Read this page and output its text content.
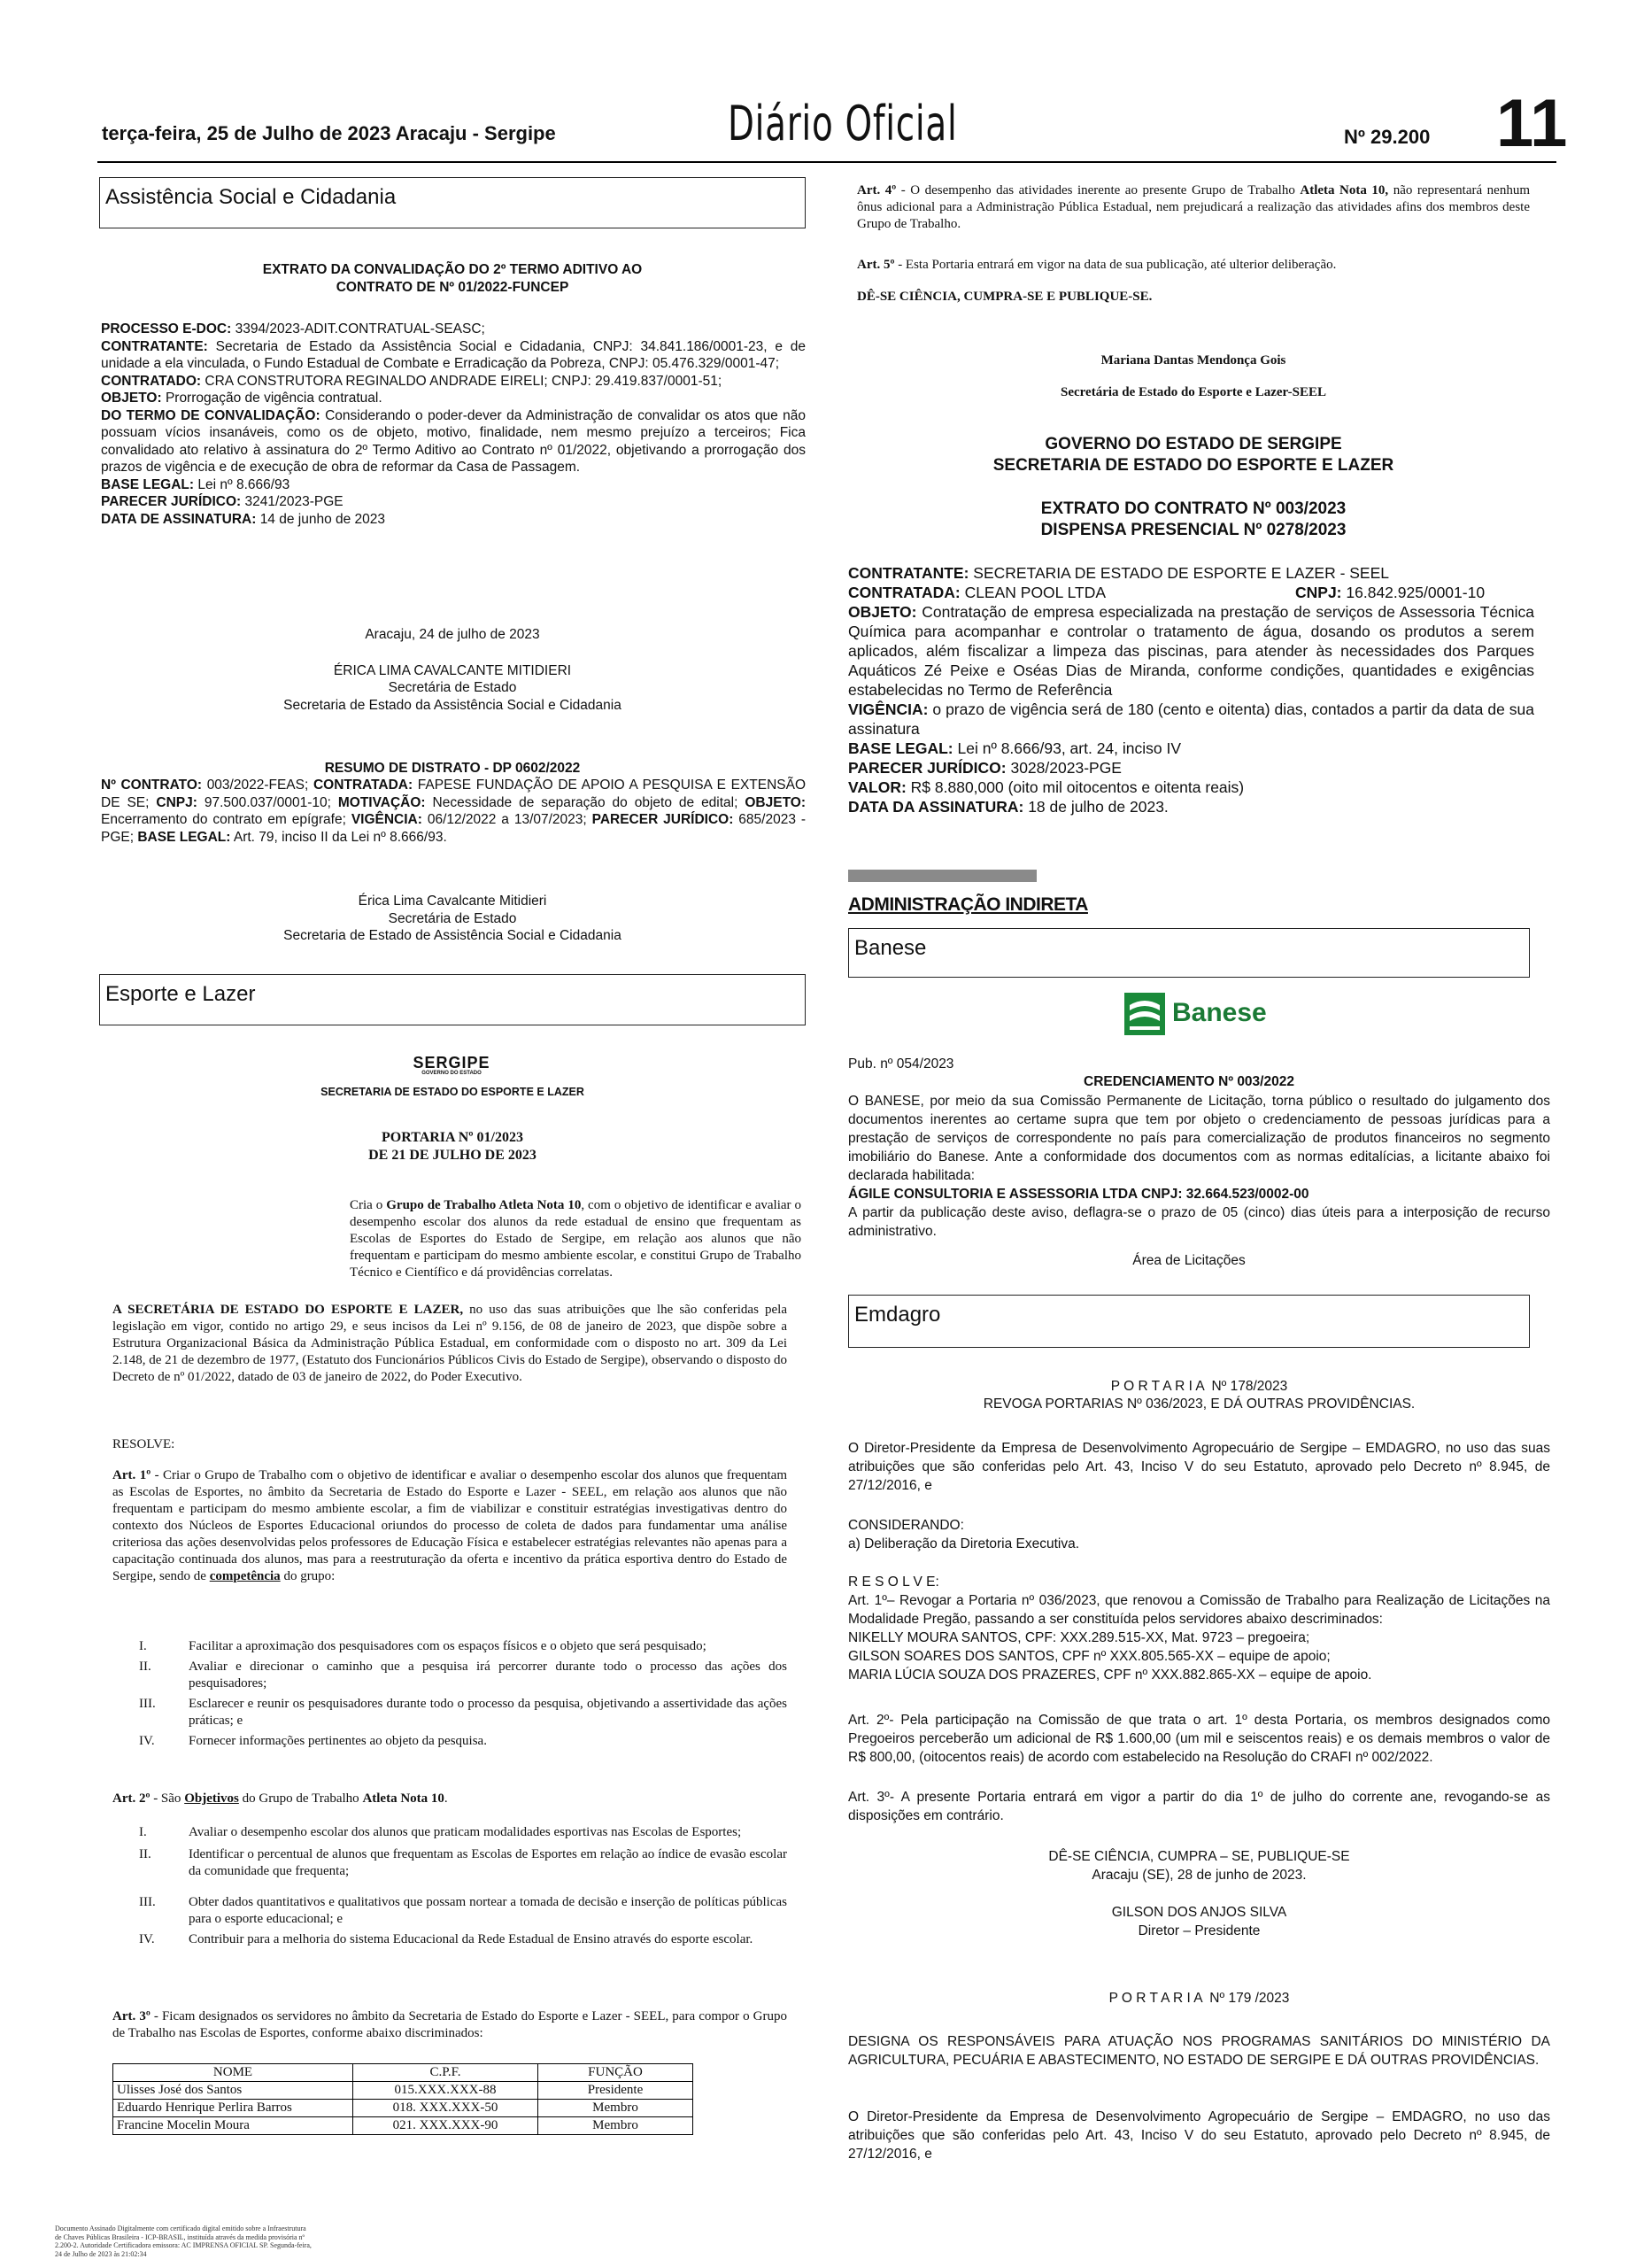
terça-feira, 25 de Julho de 2023 Aracaju - Sergipe	Diário Oficial	Nº 29.200 11
Assistência Social e Cidadania
EXTRATO DA CONVALIDAÇÃO DO 2º TERMO ADITIVO AO
CONTRATO DE Nº 01/2022-FUNCEP
PROCESSO E-DOC: 3394/2023-ADIT.CONTRATUAL-SEASC;
CONTRATANTE: Secretaria de Estado da Assistência Social e Cidadania, CNPJ: 34.841.186/0001-23, e de unidade a ela vinculada, o Fundo Estadual de Combate e Erradicação da Pobreza, CNPJ: 05.476.329/0001-47;
CONTRATADO: CRA CONSTRUTORA REGINALDO ANDRADE EIRELI; CNPJ: 29.419.837/0001-51;
OBJETO: Prorrogação de vigência contratual.
DO TERMO DE CONVALIDAÇÃO: Considerando o poder-dever da Administração de convalidar os atos que não possuam vícios insanáveis, como os de objeto, motivo, finalidade, nem mesmo prejuízo a terceiros; Fica convalidado ato relativo à assinatura do 2º Termo Aditivo ao Contrato nº 01/2022, objetivando a prorrogação dos prazos de vigência e de execução de obra de reformar da Casa de Passagem.
BASE LEGAL: Lei nº 8.666/93
PARECER JURÍDICO: 3241/2023-PGE
DATA DE ASSINATURA: 14 de junho de 2023
Aracaju, 24 de julho de 2023
ÉRICA LIMA CAVALCANTE MITIDIERI
Secretária de Estado
Secretaria de Estado da Assistência Social e Cidadania
RESUMO DE DISTRATO - DP 0602/2022
Nº CONTRATO: 003/2022-FEAS; CONTRATADA: FAPESE FUNDAÇÃO DE APOIO A PESQUISA E EXTENSÃO DE SE; CNPJ: 97.500.037/0001-10; MOTIVAÇÃO: Necessidade de separação do objeto de edital; OBJETO: Encerramento do contrato em epígrafe; VIGÊNCIA: 06/12/2022 a 13/07/2023; PARECER JURÍDICO: 685/2023 - PGE; BASE LEGAL: Art. 79, inciso II da Lei nº 8.666/93.
Érica Lima Cavalcante Mitidieri
Secretária de Estado
Secretaria de Estado de Assistência Social e Cidadania
Esporte e Lazer
SERGIPE
GOVERNO DO ESTADO
SECRETARIA DE ESTADO DO ESPORTE E LAZER
PORTARIA Nº 01/2023
DE 21 DE JULHO DE 2023
Cria o Grupo de Trabalho Atleta Nota 10, com o objetivo de identificar e avaliar o desempenho escolar dos alunos da rede estadual de ensino que frequentam as Escolas de Esportes do Estado de Sergipe, em relação aos alunos que não frequentam e participam do mesmo ambiente escolar, e constitui Grupo de Trabalho Técnico e Científico e dá providências correlatas.
A SECRETÁRIA DE ESTADO DO ESPORTE E LAZER, no uso das suas atribuições que lhe são conferidas pela legislação em vigor, contido no artigo 29, e seus incisos da Lei nº 9.156, de 08 de janeiro de 2023, que dispõe sobre a Estrutura Organizacional Básica da Administração Pública Estadual, em conformidade com o disposto no art. 309 da Lei 2.148, de 21 de dezembro de 1977, (Estatuto dos Funcionários Públicos Civis do Estado de Sergipe), observando o disposto do Decreto de nº 01/2022, datado de 03 de janeiro de 2022, do Poder Executivo.
RESOLVE:
Art. 1º - Criar o Grupo de Trabalho com o objetivo de identificar e avaliar o desempenho escolar dos alunos que frequentam as Escolas de Esportes, no âmbito da Secretaria de Estado do Esporte e Lazer - SEEL, em relação aos alunos que não frequentam e participam do mesmo ambiente escolar, a fim de viabilizar e constituir estratégias investigativas dentro do contexto dos Núcleos de Esportes Educacional oriundos do processo de coleta de dados para fundamentar uma análise criteriosa das ações desenvolvidas pelos professores de Educação Física e estabelecer estratégias relevantes não apenas para a capacitação continuada dos alunos, mas para a reestruturação da oferta e incentivo da prática esportiva dentro do Estado de Sergipe, sendo de competência do grupo:
I.	Facilitar a aproximação dos pesquisadores com os espaços físicos e o objeto que será pesquisado;
II.	Avaliar e direcionar o caminho que a pesquisa irá percorrer durante todo o processo das ações dos pesquisadores;
III.	Esclarecer e reunir os pesquisadores durante todo o processo da pesquisa, objetivando a assertividade das ações práticas; e
IV.	Fornecer informações pertinentes ao objeto da pesquisa.
Art. 2º - São Objetivos do Grupo de Trabalho Atleta Nota 10.
I.	Avaliar o desempenho escolar dos alunos que praticam modalidades esportivas nas Escolas de Esportes;
II.	Identificar o percentual de alunos que frequentam as Escolas de Esportes em relação ao índice de evasão escolar da comunidade que frequenta;
III.	Obter dados quantitativos e qualitativos que possam nortear a tomada de decisão e inserção de políticas públicas para o esporte educacional; e
IV.	Contribuir para a melhoria do sistema Educacional da Rede Estadual de Ensino através do esporte escolar.
Art. 3º - Ficam designados os servidores no âmbito da Secretaria de Estado do Esporte e Lazer - SEEL, para compor o Grupo de Trabalho nas Escolas de Esportes, conforme abaixo discriminados:
NOME	C.P.F.	FUNÇÃO
Ulisses José dos Santos	015.XXX.XXX-88	Presidente
Eduardo Henrique Perlira Barros	018. XXX.XXX-50	Membro
Francine Mocelin Moura	021. XXX.XXX-90	Membro
Documento Assinado Digitalmente com certificado digital emitido sobre a Infraestrutura de Chaves Públicas Brasileira - ICP-BRASIL, instituída através da medida provisória nº 2.200-2. Autoridade Certificadora emissora: AC IMPRENSA OFICIAL SP. Segunda-feira, 24 de Julho de 2023 às 21:02:34
Art. 4º - O desempenho das atividades inerente ao presente Grupo de Trabalho Atleta Nota 10, não representará nenhum ônus adicional para a Administração Pública Estadual, nem prejudicará a realização das atividades afins dos membros deste Grupo de Trabalho.
Art. 5º - Esta Portaria entrará em vigor na data de sua publicação, até ulterior deliberação.
DÊ-SE CIÊNCIA, CUMPRA-SE E PUBLIQUE-SE.
Mariana Dantas Mendonça Gois
Secretária de Estado do Esporte e Lazer-SEEL
GOVERNO DO ESTADO DE SERGIPE
SECRETARIA DE ESTADO DO ESPORTE E LAZER
EXTRATO DO CONTRATO Nº 003/2023
DISPENSA PRESENCIAL Nº 0278/2023
CONTRATANTE: SECRETARIA DE ESTADO DE ESPORTE E LAZER - SEEL
CONTRATADA: CLEAN POOL LTDA	CNPJ: 16.842.925/0001-10
OBJETO: Contratação de empresa especializada na prestação de serviços de Assessoria Técnica Química para acompanhar e controlar o tratamento de água, dosando os produtos a serem aplicados, além fiscalizar a limpeza das piscinas, para atender às necessidades dos Parques Aquáticos Zé Peixe e Oséas Dias de Miranda, conforme condições, quantidades e exigências estabelecidas no Termo de Referência
VIGÊNCIA: o prazo de vigência será de 180 (cento e oitenta) dias, contados a partir da data de sua assinatura
BASE LEGAL: Lei nº 8.666/93, art. 24, inciso IV
PARECER JURÍDICO: 3028/2023-PGE
VALOR: R$ 8.880,000 (oito mil oitocentos e oitenta reais)
DATA DA ASSINATURA: 18 de julho de 2023.
ADMINISTRAÇÃO INDIRETA
Banese
Banese
Pub. nº 054/2023
CREDENCIAMENTO Nº 003/2022
O BANESE, por meio da sua Comissão Permanente de Licitação, torna público o resultado do julgamento dos documentos inerentes ao certame supra que tem por objeto o credenciamento de pessoas jurídicas para a prestação de serviços de correspondente no país para comercialização de produtos financeiros no segmento imobiliário do Banese. Ante a conformidade dos documentos com as normas editalícias, a licitante abaixo foi declarada habilitada:
ÁGILE CONSULTORIA E ASSESSORIA LTDA CNPJ: 32.664.523/0002-00
A partir da publicação deste aviso, deflagra-se o prazo de 05 (cinco) dias úteis para a interposição de recurso administrativo.
Área de Licitações
Emdagro
P O R T A R I A  Nº 178/2023
REVOGA PORTARIAS Nº 036/2023, E DÁ OUTRAS PROVIDÊNCIAS.
O Diretor-Presidente da Empresa de Desenvolvimento Agropecuário de Sergipe – EMDAGRO, no uso das suas atribuições que são conferidas pelo Art. 43, Inciso V do seu Estatuto, aprovado pelo Decreto nº 8.945, de 27/12/2016, e
CONSIDERANDO:
a) Deliberação da Diretoria Executiva.
R E S O L V E:
Art. 1º– Revogar a Portaria nº 036/2023, que renovou a Comissão de Trabalho para Realização de Licitações na Modalidade Pregão, passando a ser constituída pelos servidores abaixo descriminados:
NIKELLY MOURA SANTOS, CPF: XXX.289.515-XX, Mat. 9723 – pregoeira;
GILSON SOARES DOS SANTOS, CPF nº XXX.805.565-XX – equipe de apoio;
MARIA LÚCIA SOUZA DOS PRAZERES, CPF nº XXX.882.865-XX – equipe de apoio.
Art. 2º- Pela participação na Comissão de que trata o art. 1º desta Portaria, os membros designados como Pregoeiros perceberão um adicional de R$ 1.600,00 (um mil e seiscentos reais) e os demais membros o valor de R$ 800,00, (oitocentos reais) de acordo com estabelecido na Resolução do CRAFI nº 002/2022.
Art. 3º- A presente Portaria entrará em vigor a partir do dia 1º de julho do corrente ane, revogando-se as disposições em contrário.
DÊ-SE CIÊNCIA, CUMPRA – SE, PUBLIQUE-SE
Aracaju (SE), 28 de junho de 2023.
GILSON DOS ANJOS SILVA
Diretor – Presidente
P O R T A R I A  Nº 179 /2023
DESIGNA OS RESPONSÁVEIS PARA ATUAÇÃO NOS PROGRAMAS SANITÁRIOS DO MINISTÉRIO DA AGRICULTURA, PECUÁRIA E ABASTECIMENTO, NO ESTADO DE SERGIPE E DÁ OUTRAS PROVIDÊNCIAS.
O Diretor-Presidente da Empresa de Desenvolvimento Agropecuário de Sergipe – EMDAGRO, no uso das atribuições que são conferidas pelo Art. 43, Inciso V do seu Estatuto, aprovado pelo Decreto nº 8.945, de 27/12/2016, e
